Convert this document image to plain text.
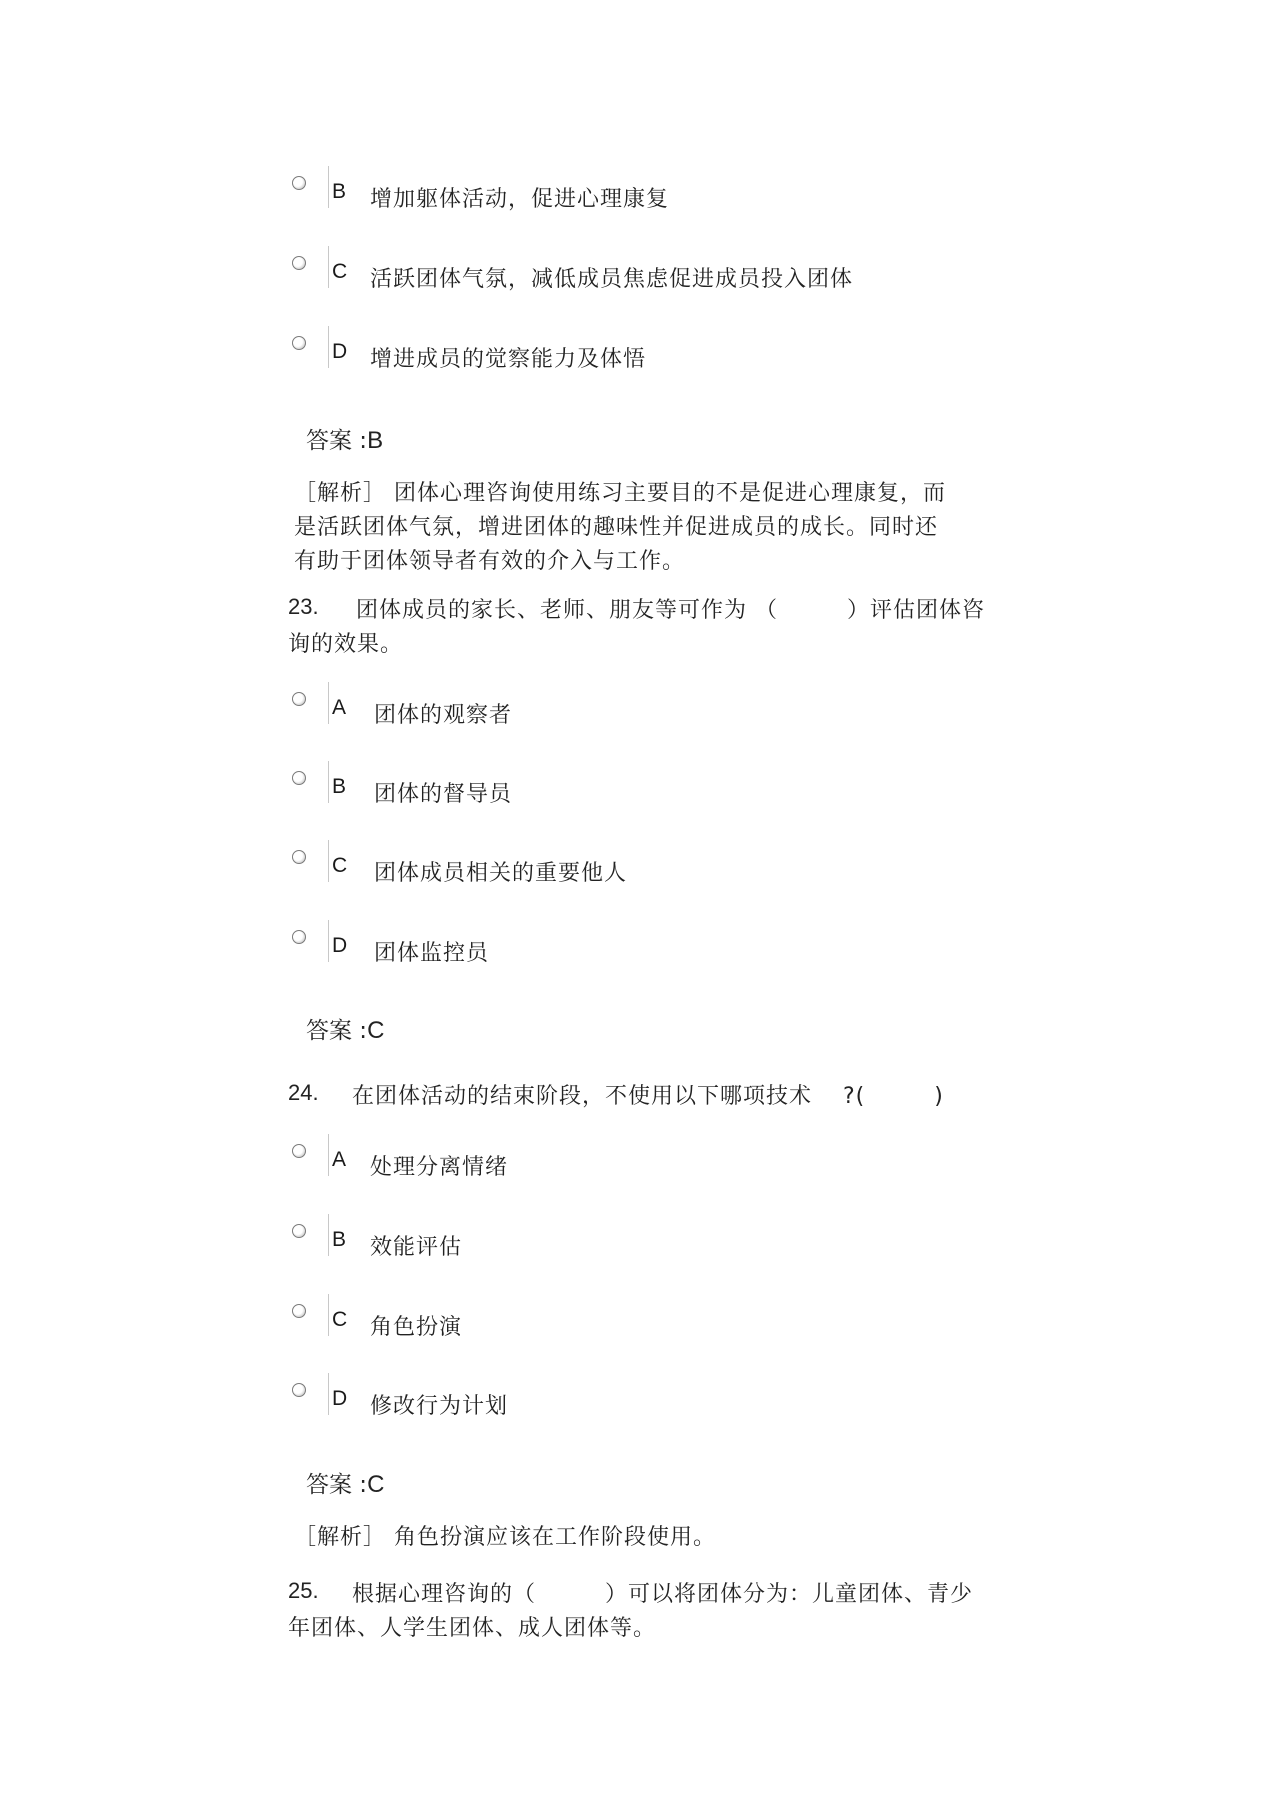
B 增加躯体活动，促进心理康复
C 活跃团体气氛，减低成员焦虑促进成员投入团体
D 增进成员的觉察能力及体悟
答案 :B
［解析］ 团体心理咨询使用练习主要目的不是促进心理康复，而
是活跃团体气氛，增进团体的趣味性并促进成员的成长。同时还
有助于团体领导者有效的介入与工作。
23.	团体成员的家长、老师、朋友等可作为 （　　　）评估团体咨
询的效果。
A 团体的观察者
B 团体的督导员
C 团体成员相关的重要他人
D 团体监控员
答案 :C
24.	在团体活动的结束阶段，不使用以下哪项技术　 ?(　　　)
A 处理分离情绪
B 效能评估
C 角色扮演
D 修改行为计划
答案 :C
［解析］ 角色扮演应该在工作阶段使用。
25.	根据心理咨询的（　　　）可以将团体分为：儿童团体、青少
年团体、人学生团体、成人团体等。
